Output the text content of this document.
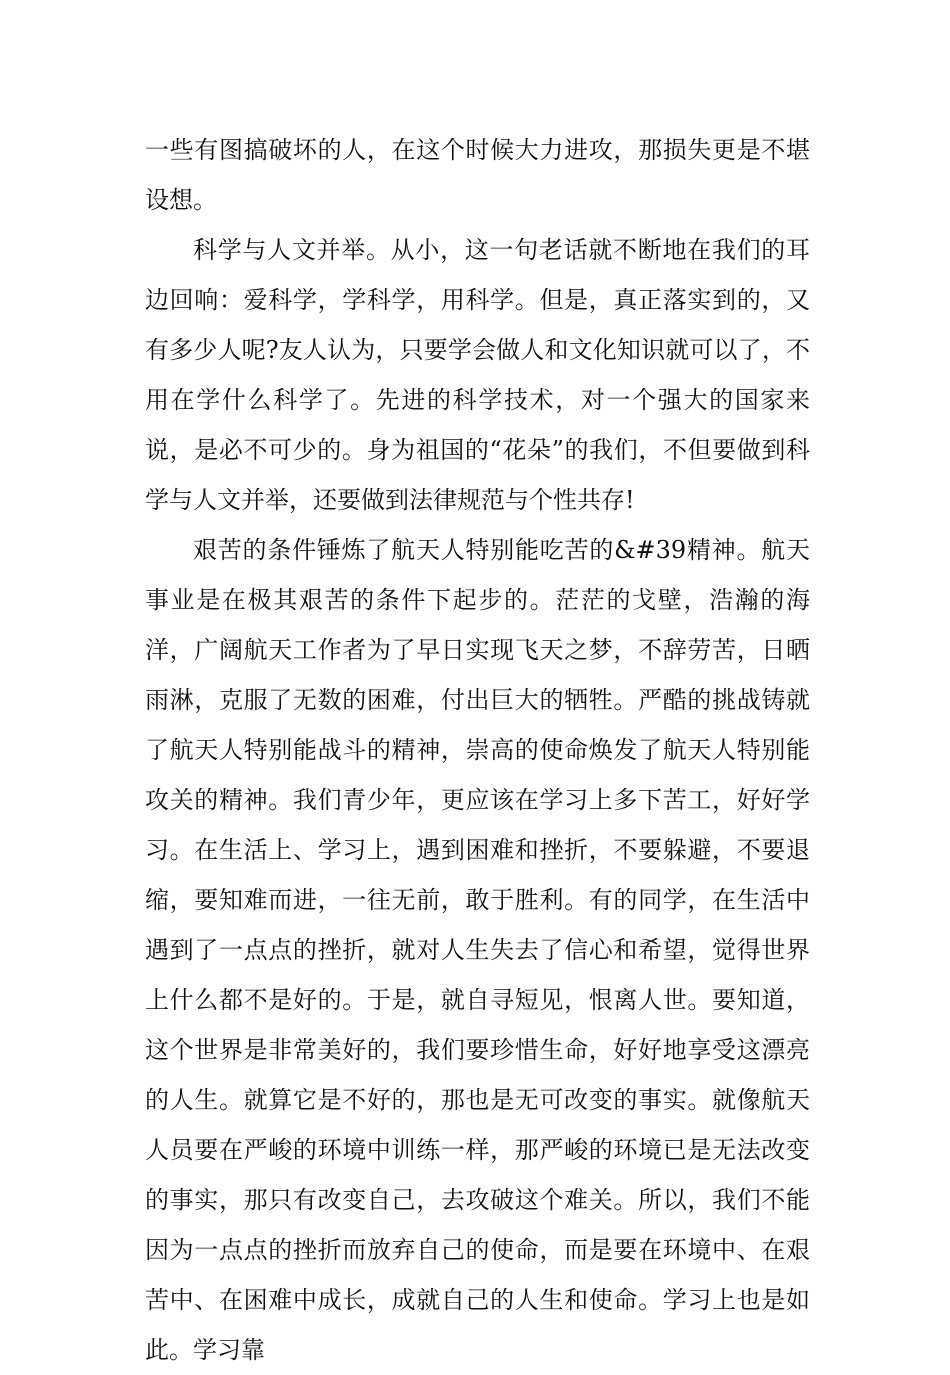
一些有图搞破坏的人，在这个时候大力进攻，那损失更是不堪设想。

科学与人文并举。从小，这一句老话就不断地在我们的耳边回响：爱科学，学科学，用科学。但是，真正落实到的，又有多少人呢?友人认为，只要学会做人和文化知识就可以了，不用在学什么科学了。先进的科学技术，对一个强大的国家来说，是必不可少的。身为祖国的“花朵”的我们，不但要做到科学与人文并举，还要做到法律规范与个性共存!

艰苦的条件锤炼了航天人特别能吃苦的&#39精神。航天事业是在极其艰苦的条件下起步的。茫茫的戈壁，浩瀚的海洋，广阔航天工作者为了早日实现飞天之梦，不辞劳苦，日晒雨淋，克服了无数的困难，付出巨大的牺牲。严酷的挑战铸就了航天人特别能战斗的精神，崇高的使命焕发了航天人特别能攻关的精神。我们青少年，更应该在学习上多下苦工，好好学习。在生活上、学习上，遇到困难和挫折，不要躲避，不要退缩，要知难而进，一往无前，敢于胜利。有的同学，在生活中遇到了一点点的挫折，就对人生失去了信心和希望，觉得世界上什么都不是好的。于是，就自寻短见，恨离人世。要知道，这个世界是非常美好的，我们要珍惜生命，好好地享受这漂亮的人生。就算它是不好的，那也是无可改变的事实。就像航天人员要在严峻的环境中训练一样，那严峻的环境已是无法改变的事实，那只有改变自己，去攻破这个难关。所以，我们不能因为一点点的挫折而放弃自己的使命，而是要在环境中、在艰苦中、在困难中成长，成就自己的人生和使命。学习上也是如此。学习靠
